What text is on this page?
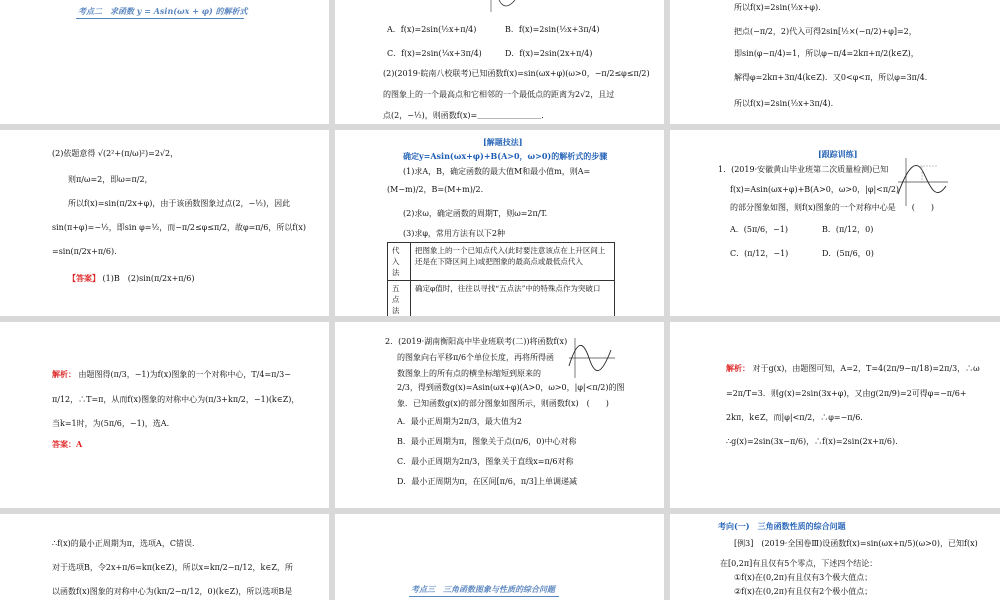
考点二　求函数 y = Asin(ωx + φ) 的解析式
A．f(x)=2sin(½x+π/4)	B．f(x)=2sin(½x+3π/4)
C．f(x)=2sin(¼x+3π/4)	D．f(x)=2sin(2x+π/4)
(2)(2019·皖南八校联考)已知函数f(x)=sin(ωx+φ)(ω>0，−π/2≤φ≤π/2)
的图象上的一个最高点和它相邻的一个最低点的距离为2√2，且过
点(2，−½)，则函数f(x)=＿＿＿＿＿＿＿＿．
所以f(x)=2sin(½x+φ).
把点(−π/2，2)代入可得2sin[½×(−π/2)+φ]=2，
即sin(φ−π/4)=1，所以φ−π/4=2kπ+π/2(k∈Z)，
解得φ=2kπ+3π/4(k∈Z)．又0<φ<π，所以φ=3π/4．
所以f(x)=2sin(½x+3π/4).
(2)依题意得 √(2²+(π/ω)²)=2√2，
则π/ω=2，即ω=π/2，
所以f(x)=sin(π/2x+φ)，由于该函数图象过点(2，−½)，因此
sin(π+φ)=−½，即sin φ=½，而−π/2≤φ≤π/2，故φ=π/6，所以f(x)
=sin(π/2x+π/6).
【答案】 (1)B　(2)sin(π/2x+π/6)
[解题技法]
确定y=Asin(ωx+φ)+B(A>0，ω>0)的解析式的步骤
(1)求A，B，确定函数的最大值M和最小值m，则A=
(M−m)/2，B=(M+m)/2.
(2)求ω，确定函数的周期T，则ω=2π/T.
(3)求φ，常用方法有以下2种
代入法	把图象上的一个已知点代入(此时要注意该点在上升区间上还是在下降区间上)或把图象的最高点或最低点代入
五点法	确定φ值时，往往以寻找“五点法”中的特殊点作为突破口
[跟踪训练]
1．(2019·安徽黄山毕业班第二次质量检测)已知
f(x)=Asin(ωx+φ)+B(A>0，ω>0，|φ|<π/2)
的部分图象如图，则f(x)图象的一个对称中心是　　(　　)
A．(5π/6，−1)	B．(π/12，0)
C．(π/12，−1)	D．(5π/6，0)
解析： 由题图得(π/3，−1)为f(x)图象的一个对称中心，T/4=π/3−
π/12，∴T=π，从而f(x)图象的对称中心为(π/3+kπ/2，−1)(k∈Z)，
当k=1时，为(5π/6，−1)，选A.
答案：A
2．(2019·湖南衡阳高中毕业班联考(二))将函数f(x)
的图象向右平移π/6个单位长度，再将所得函
数图象上的所有点的横坐标缩短到原来的
2/3，得到函数g(x)=Asin(ωx+φ)(A>0，ω>0，|φ|<π/2)的图
象．已知函数g(x)的部分图象如图所示，则函数f(x)　(　　)
A．最小正周期为2π/3，最大值为2
B．最小正周期为π，图象关于点(π/6，0)中心对称
C．最小正周期为2π/3，图象关于直线x=π/6对称
D．最小正周期为π，在区间[π/6，π/3]上单调递减
解析： 对于g(x)，由题图可知，A=2，T=4(2π/9−π/18)=2π/3，∴ω
=2π/T=3．则g(x)=2sin(3x+φ)，又由g(2π/9)=2可得φ=−π/6+
2kπ，k∈Z，而|φ|<π/2，∴φ=−π/6.
∴g(x)=2sin(3x−π/6)，∴f(x)=2sin(2x+π/6).
∴f(x)的最小正周期为π，选项A，C错误．
对于选项B，令2x+π/6=kπ(k∈Z)，所以x=kπ/2−π/12，k∈Z，所
以函数f(x)图象的对称中心为(kπ/2−π/12，0)(k∈Z)，所以选项B是	考点三　三角函数图象与性质的综合问题
考向(一)　三角函数性质的综合问题
[例3]　(2019·全国卷Ⅲ)设函数f(x)=sin(ωx+π/5)(ω>0)，已知f(x)
在[0,2π]有且仅有5个零点，下述四个结论：
①f(x)在(0,2π)有且仅有3个极大值点；
②f(x)在(0,2π)有且仅有2个极小值点；
